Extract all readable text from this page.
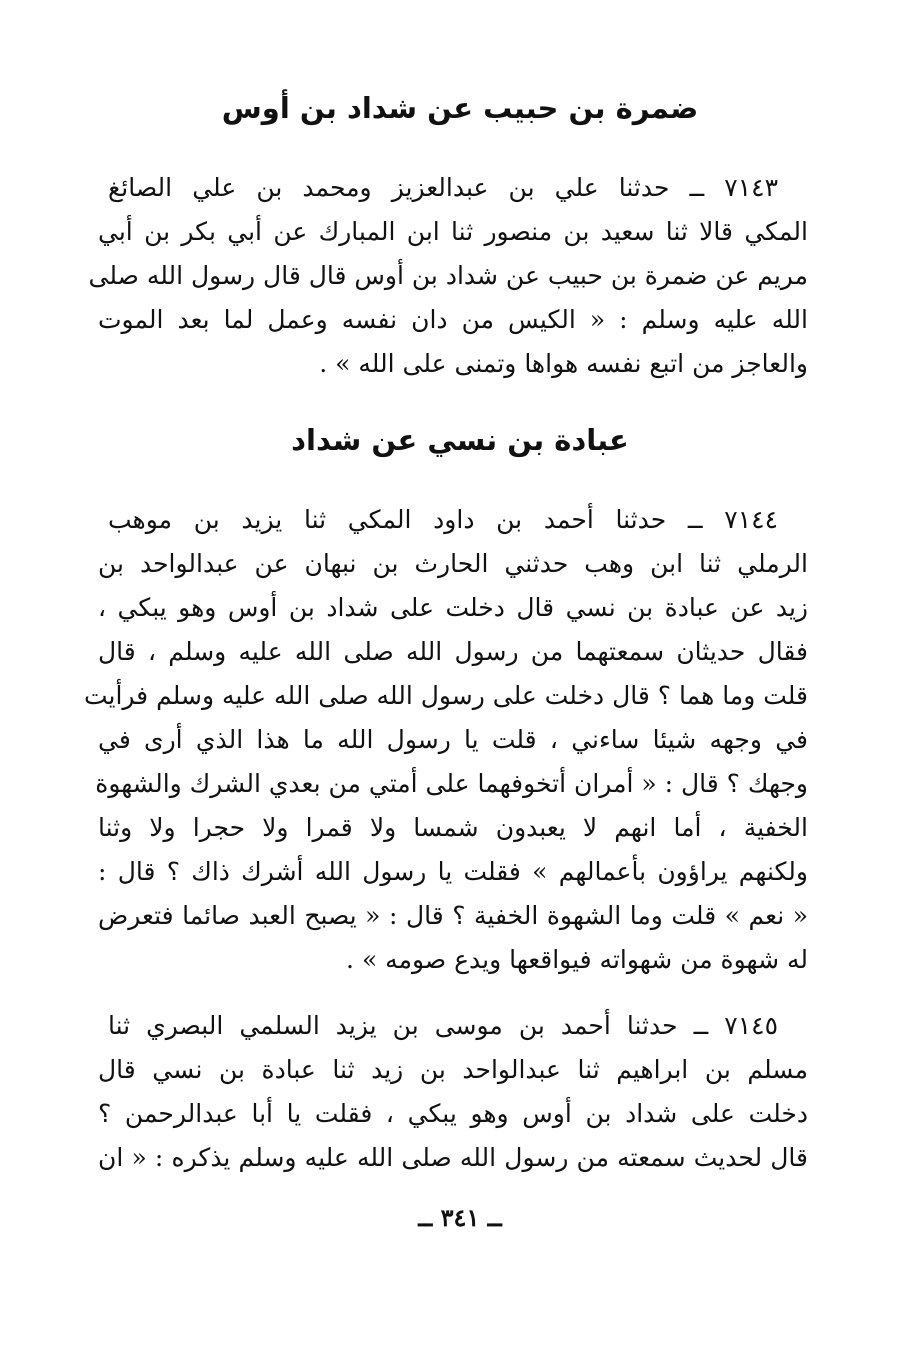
ضمرة بن حبيب عن شداد بن أوس
٧١٤٣ ــ حدثنا علي بن عبدالعزيز ومحمد بن علي الصائغ
المكي قالا ثنا سعيد بن منصور ثنا ابن المبارك عن أبي بكر بن أبي
مريم عن ضمرة بن حبيب عن شداد بن أوس قال قال رسول الله صلى
الله عليه وسلم : « الكيس من دان نفسه وعمل لما بعد الموت
والعاجز من اتبع نفسه هواها وتمنى على الله » .
عبادة بن نسي عن شداد
٧١٤٤ ــ حدثنا أحمد بن داود المكي ثنا يزيد بن موهب
الرملي ثنا ابن وهب حدثني الحارث بن نبهان عن عبدالواحد بن
زيد عن عبادة بن نسي قال دخلت على شداد بن أوس وهو يبكي ،
فقال حديثان سمعتهما من رسول الله صلى الله عليه وسلم ، قال
قلت وما هما ؟ قال دخلت على رسول الله صلى الله عليه وسلم فرأيت
في وجهه شيئا ساءني ، قلت يا رسول الله ما هذا الذي أرى في
وجهك ؟ قال : « أمران أتخوفهما على أمتي من بعدي الشرك والشهوة
الخفية ، أما انهم لا يعبدون شمسا ولا قمرا ولا حجرا ولا وثنا
ولكنهم يراؤون بأعمالهم » فقلت يا رسول الله أشرك ذاك ؟ قال :
« نعم » قلت وما الشهوة الخفية ؟ قال : « يصبح العبد صائما فتعرض
له شهوة من شهواته فيواقعها ويدع صومه » .
٧١٤٥ ــ حدثنا أحمد بن موسى بن يزيد السلمي البصري ثنا
مسلم بن ابراهيم ثنا عبدالواحد بن زيد ثنا عبادة بن نسي قال
دخلت على شداد بن أوس وهو يبكي ، فقلت يا أبا عبدالرحمن ؟
قال لحديث سمعته من رسول الله صلى الله عليه وسلم يذكره : « ان
ــ ٣٤١ ــ
